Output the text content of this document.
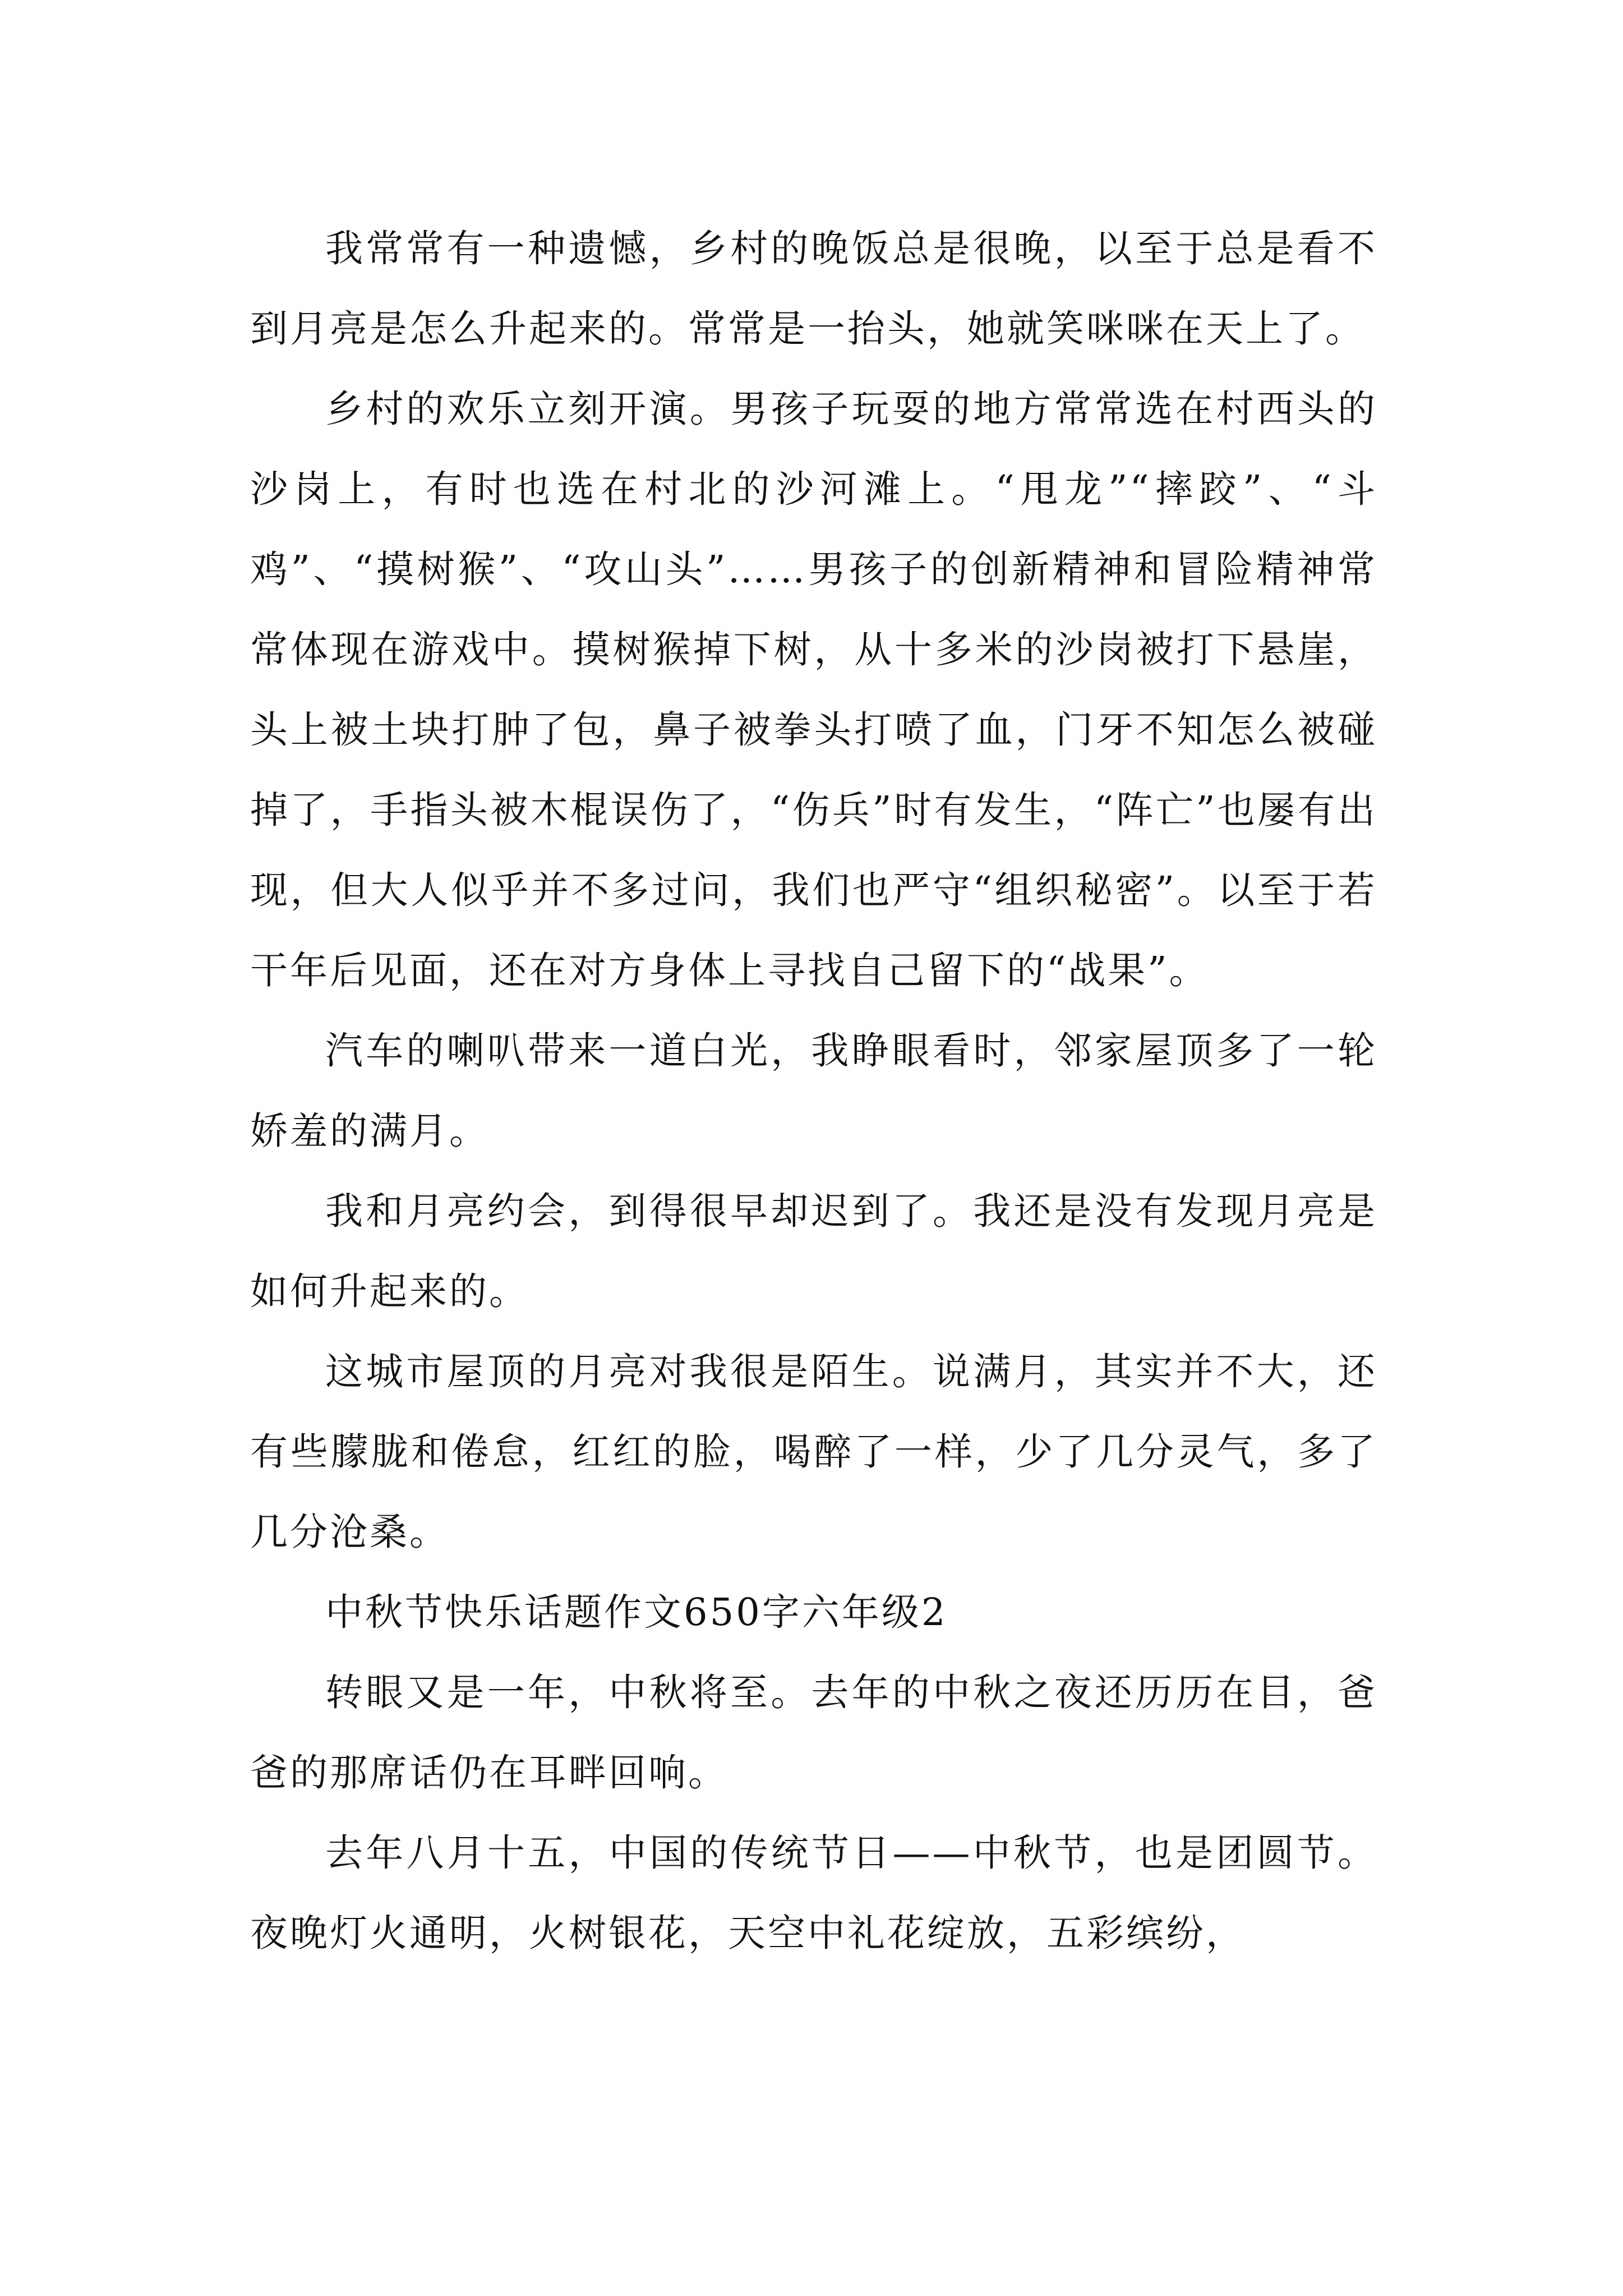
我常常有一种遗憾，乡村的晚饭总是很晚，以至于总是看不到月亮是怎么升起来的。常常是一抬头，她就笑咪咪在天上了。

乡村的欢乐立刻开演。男孩子玩耍的地方常常选在村西头的沙岗上，有时也选在村北的沙河滩上。“甩龙”“摔跤”、“斗鸡”、“摸树猴”、“攻山头”……男孩子的创新精神和冒险精神常常体现在游戏中。摸树猴掉下树，从十多米的沙岗被打下悬崖，头上被土块打肿了包，鼻子被拳头打喷了血，门牙不知怎么被碰掉了，手指头被木棍误伤了，“伤兵”时有发生，“阵亡”也屡有出现，但大人似乎并不多过问，我们也严守“组织秘密”。以至于若干年后见面，还在对方身体上寻找自己留下的“战果”。

汽车的喇叭带来一道白光，我睁眼看时，邻家屋顶多了一轮娇羞的满月。

我和月亮约会，到得很早却迟到了。我还是没有发现月亮是如何升起来的。

这城市屋顶的月亮对我很是陌生。说满月，其实并不大，还有些朦胧和倦怠，红红的脸，喝醉了一样，少了几分灵气，多了几分沧桑。

中秋节快乐话题作文650字六年级2

转眼又是一年，中秋将至。去年的中秋之夜还历历在目，爸爸的那席话仍在耳畔回响。

去年八月十五，中国的传统节日——中秋节，也是团圆节。夜晚灯火通明，火树银花，天空中礼花绽放，五彩缤纷，
